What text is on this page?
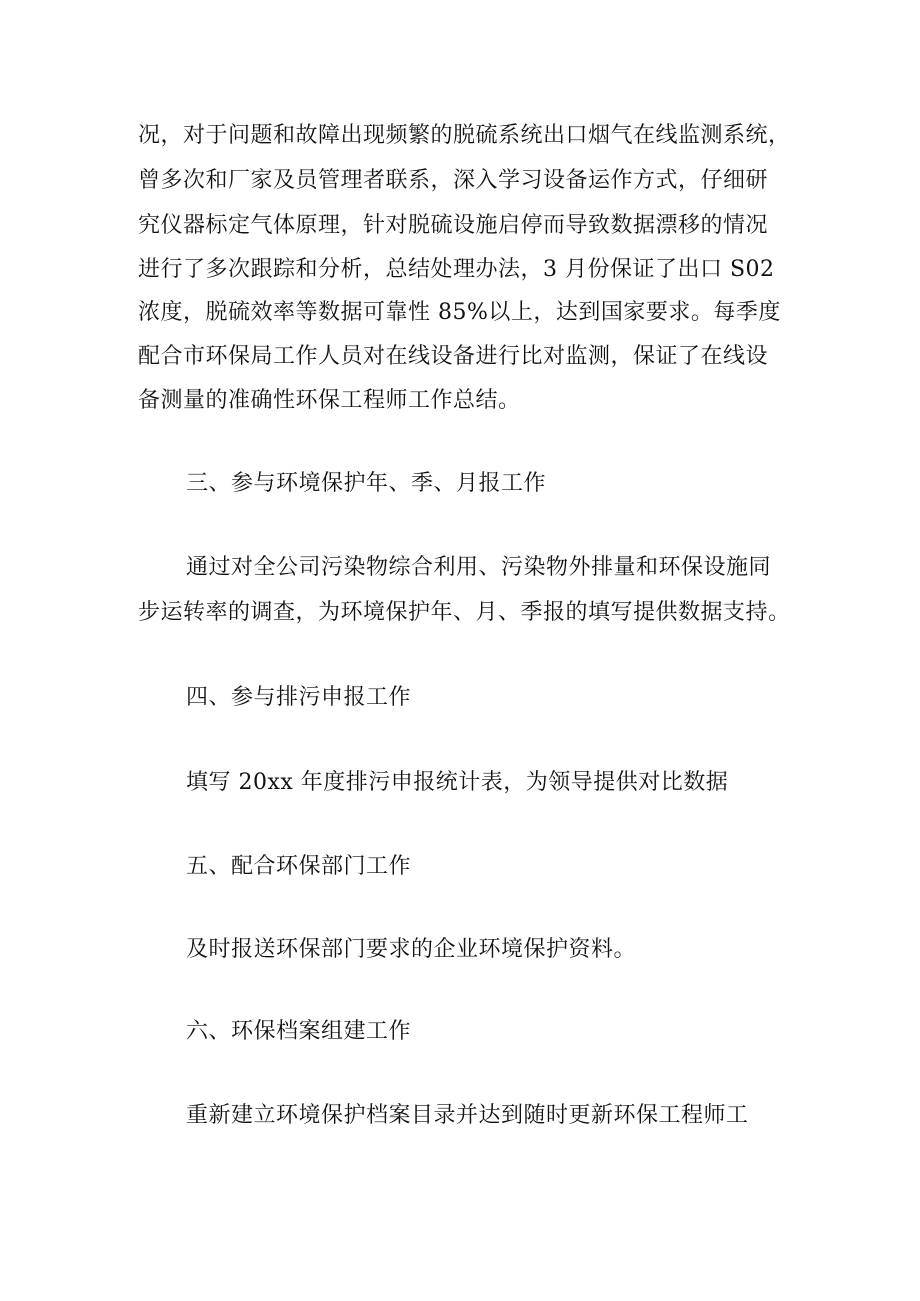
况，对于问题和故障出现频繁的脱硫系统出口烟气在线监测系统，
曾多次和厂家及员管理者联系，深入学习设备运作方式，仔细研
究仪器标定气体原理，针对脱硫设施启停而导致数据漂移的情况
进行了多次跟踪和分析，总结处理办法，3 月份保证了出口 S02
浓度，脱硫效率等数据可靠性 85%以上，达到国家要求。每季度
配合市环保局工作人员对在线设备进行比对监测，保证了在线设
备测量的准确性环保工程师工作总结。
三、参与环境保护年、季、月报工作
通过对全公司污染物综合利用、污染物外排量和环保设施同
步运转率的调查，为环境保护年、月、季报的填写提供数据支持。
四、参与排污申报工作
填写 20xx 年度排污申报统计表，为领导提供对比数据
五、配合环保部门工作
及时报送环保部门要求的企业环境保护资料。
六、环保档案组建工作
重新建立环境保护档案目录并达到随时更新环保工程师工
